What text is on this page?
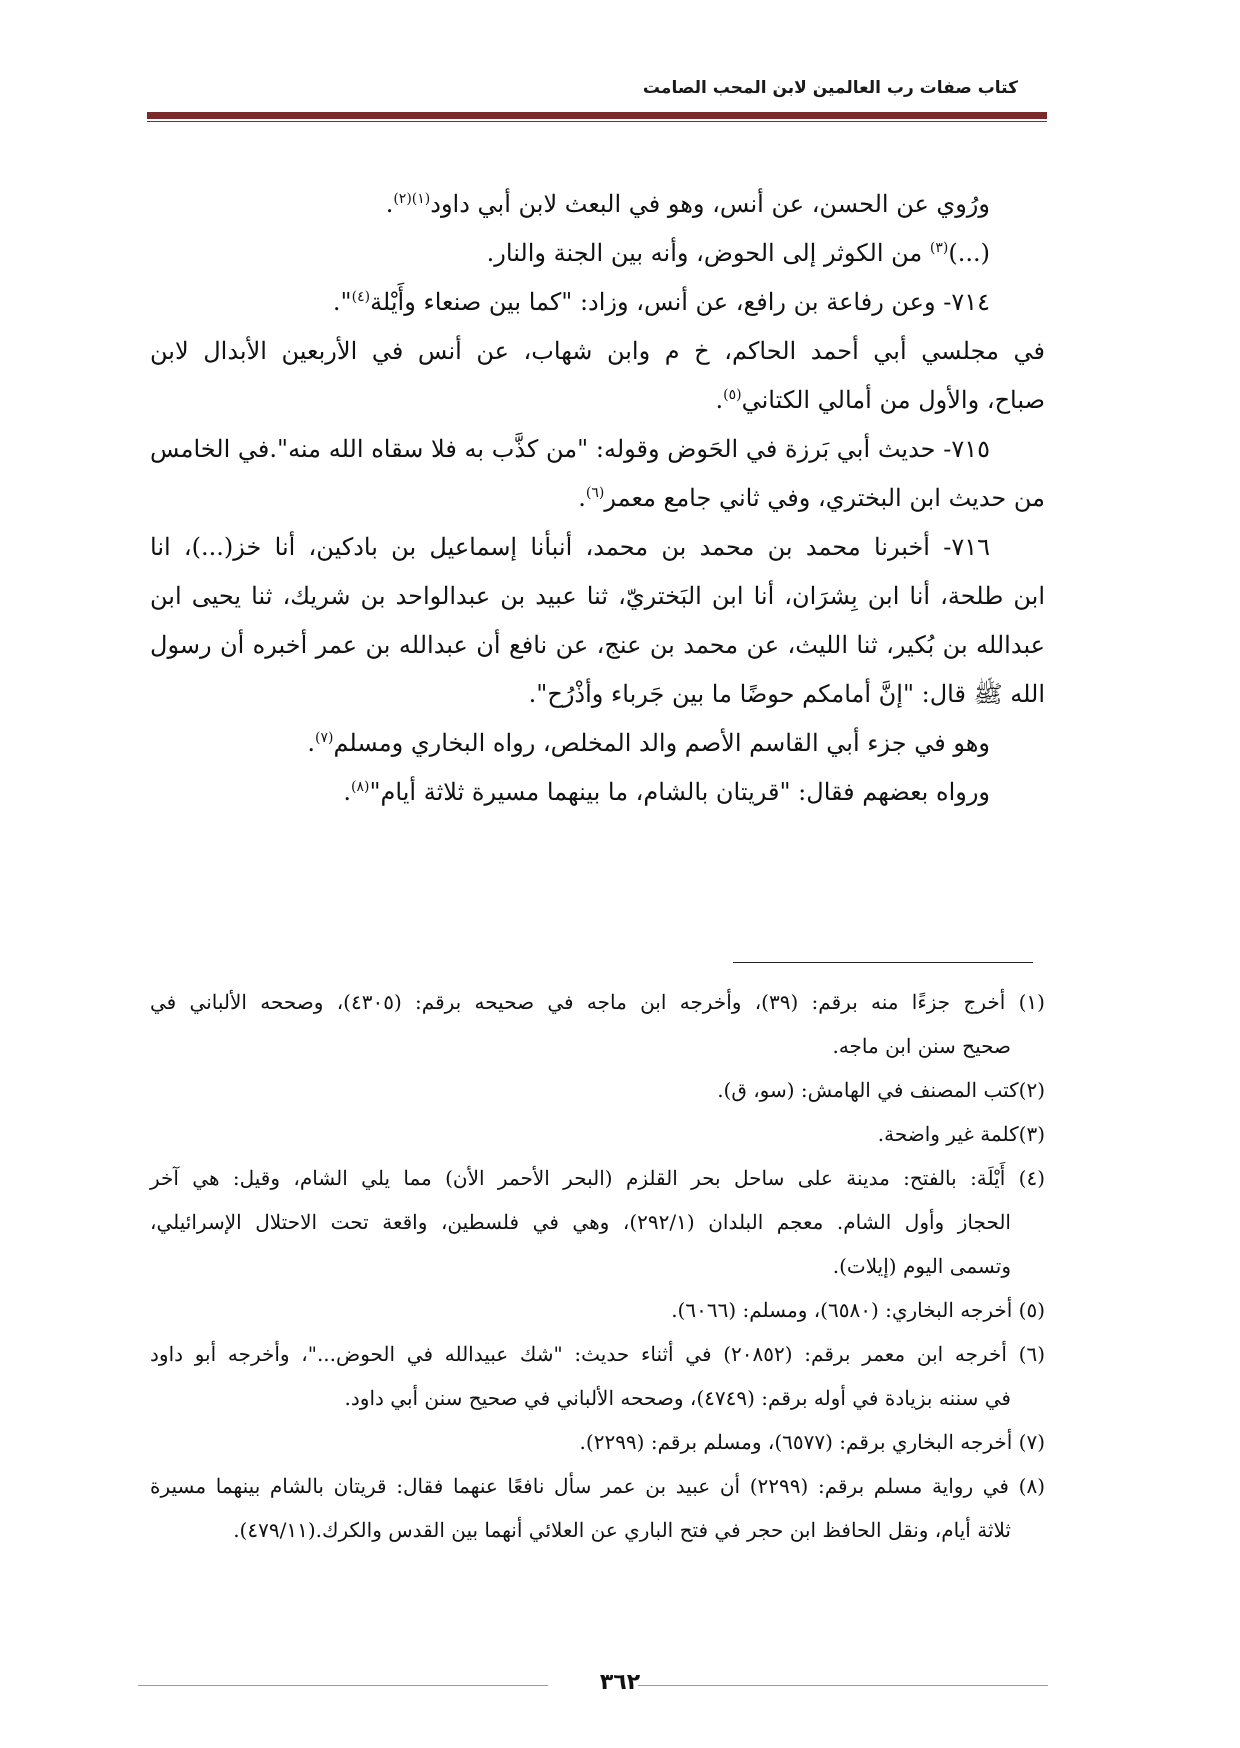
كتاب صفات رب العالمين لابن المحب الصامت
ورُوي عن الحسن، عن أنس، وهو في البعث لابن أبي داود$^{(١)(٢)}$.
(...)$^{(٣)}$ من الكوثر إلى الحوض، وأنه بين الجنة والنار.
٧١٤- وعن رفاعة بن رافع، عن أنس، وزاد: "كما بين صنعاء وأَيْلة$^{(٤)}$".
في مجلسي أبي أحمد الحاكم، خ م وابن شهاب، عن أنس في الأربعين الأبدال لابن
صباح، والأول من أمالي الكتاني$^{(٥)}$.
٧١٥- حديث أبي بَرزة في الحَوض وقوله: "من كذَّب به فلا سقاه الله منه".في الخامس
من حديث ابن البختري، وفي ثاني جامع معمر$^{(٦)}$.
٧١٦- أخبرنا محمد بن محمد بن محمد، أنبأنا إسماعيل بن بادكين، أنا خز(...)، انا
ابن طلحة، أنا ابن بِشرَان، أنا ابن البَختريّ، ثنا عبيد بن عبدالواحد بن شريك، ثنا يحيى ابن
عبدالله بن بُكير، ثنا الليث، عن محمد بن عنج، عن نافع أن عبدالله بن عمر أخبره أن رسول
الله ﷺ قال: "إنَّ أمامكم حوضًا ما بين جَرباء وأذْرُح".
وهو في جزء أبي القاسم الأصم والد المخلص، رواه البخاري ومسلم$^{(٧)}$.
ورواه بعضهم فقال: "قريتان بالشام، ما بينهما مسيرة ثلاثة أيام"$^{(٨)}$.
(١) أخرج جزءًا منه برقم: (٣٩)، وأخرجه ابن ماجه في صحيحه برقم: (٤٣٠٥)، وصححه الألباني في
صحيح سنن ابن ماجه.
(٢)كتب المصنف في الهامش: (سو، ق).
(٣)كلمة غير واضحة.
(٤) أَيْلَة: بالفتح: مدينة على ساحل بحر القلزم (البحر الأحمر الأن) مما يلي الشام، وقيل: هي آخر
الحجاز وأول الشام. معجم البلدان (٢٩٢/١)، وهي في فلسطين، واقعة تحت الاحتلال الإسرائيلي،
وتسمى اليوم (إيلات).
(٥) أخرجه البخاري: (٦٥٨٠)، ومسلم: (٦٠٦٦).
(٦) أخرجه ابن معمر برقم: (٢٠٨٥٢) في أثناء حديث: "شك عبيدالله في الحوض..."، وأخرجه أبو داود
في سننه بزيادة في أوله برقم: (٤٧٤٩)، وصححه الألباني في صحيح سنن أبي داود.
(٧) أخرجه البخاري برقم: (٦٥٧٧)، ومسلم برقم: (٢٢٩٩).
(٨) في رواية مسلم برقم: (٢٢٩٩) أن عبيد بن عمر سأل نافعًا عنهما فقال: قريتان بالشام بينهما مسيرة
ثلاثة أيام، ونقل الحافظ ابن حجر في فتح الباري عن العلائي أنهما بين القدس والكرك.(٤٧٩/١١).
٣٦٢
